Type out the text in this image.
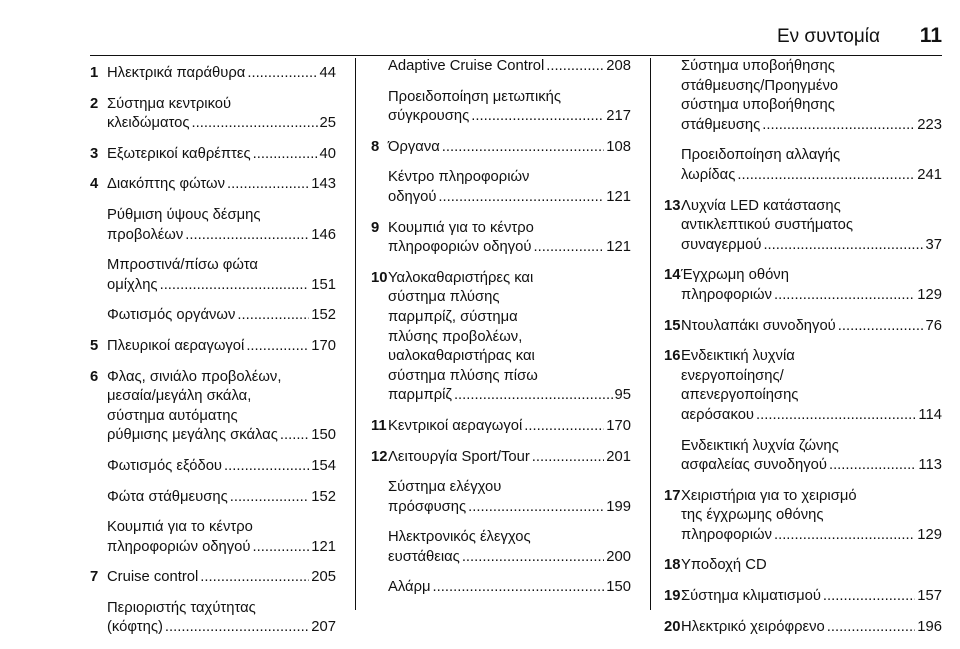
Εν συντομία	11
1 Ηλεκτρικά παράθυρα .....	44
2 Σύστημα κεντρικού
κλειδώματος .....	25
3 Εξωτερικοί καθρέπτες .....	40
4 Διακόπτης φώτων .....	143
Ρύθμιση ύψους δέσμης
προβολέων .....	146
Μπροστινά/πίσω φώτα
ομίχλης .....	151
Φωτισμός οργάνων .....	152
5 Πλευρικοί αεραγωγοί .....	170
6 Φλας, σινιάλο προβολέων,
μεσαία/μεγάλη σκάλα,
σύστημα αυτόματης
ρύθμισης μεγάλης σκάλας ..... 150
Φωτισμός εξόδου .....	154
Φώτα στάθμευσης .....	152
Κουμπιά για το κέντρο
πληροφοριών οδηγού .....	121
7 Cruise control .....	205
Περιοριστής ταχύτητας
(κόφτης) .....	207
Adaptive Cruise Control .....	208
Προειδοποίηση μετωπικής
σύγκρουσης .....	217
8 Όργανα .....	108
Κέντρο πληροφοριών
οδηγού .....	121
9 Κουμπιά για το κέντρο
πληροφοριών οδηγού .....	121
10 Υαλοκαθαριστήρες και
σύστημα πλύσης
παρμπρίζ, σύστημα
πλύσης προβολέων,
υαλοκαθαριστήρας και
σύστημα πλύσης πίσω
παρμπρίζ .....	95
11 Κεντρικοί αεραγωγοί .....	170
12 Λειτουργία Sport/Tour .....	201
Σύστημα ελέγχου
πρόσφυσης .....	199
Ηλεκτρονικός έλεγχος
ευστάθειας .....	200
Αλάρμ .....	150
Σύστημα υποβοήθησης
στάθμευσης/Προηγμένο
σύστημα υποβοήθησης
στάθμευσης .....	223
Προειδοποίηση αλλαγής
λωρίδας .....	241
13 Λυχνία LED κατάστασης
αντικλεπτικού συστήματος
συναγερμού .....	37
14 Έγχρωμη οθόνη
πληροφοριών .....	129
15 Ντουλαπάκι συνοδηγού .....	76
16 Ενδεικτική λυχνία
ενεργοποίησης/
απενεργοποίησης
αερόσακου .....	114
Ενδεικτική λυχνία ζώνης
ασφαλείας συνοδηγού .....	113
17 Χειριστήρια για το χειρισμό
της έγχρωμης οθόνης
πληροφοριών .....	129
18 Υποδοχή CD
19 Σύστημα κλιματισμού .....	157
20 Ηλεκτρικό χειρόφρενο .....	196
